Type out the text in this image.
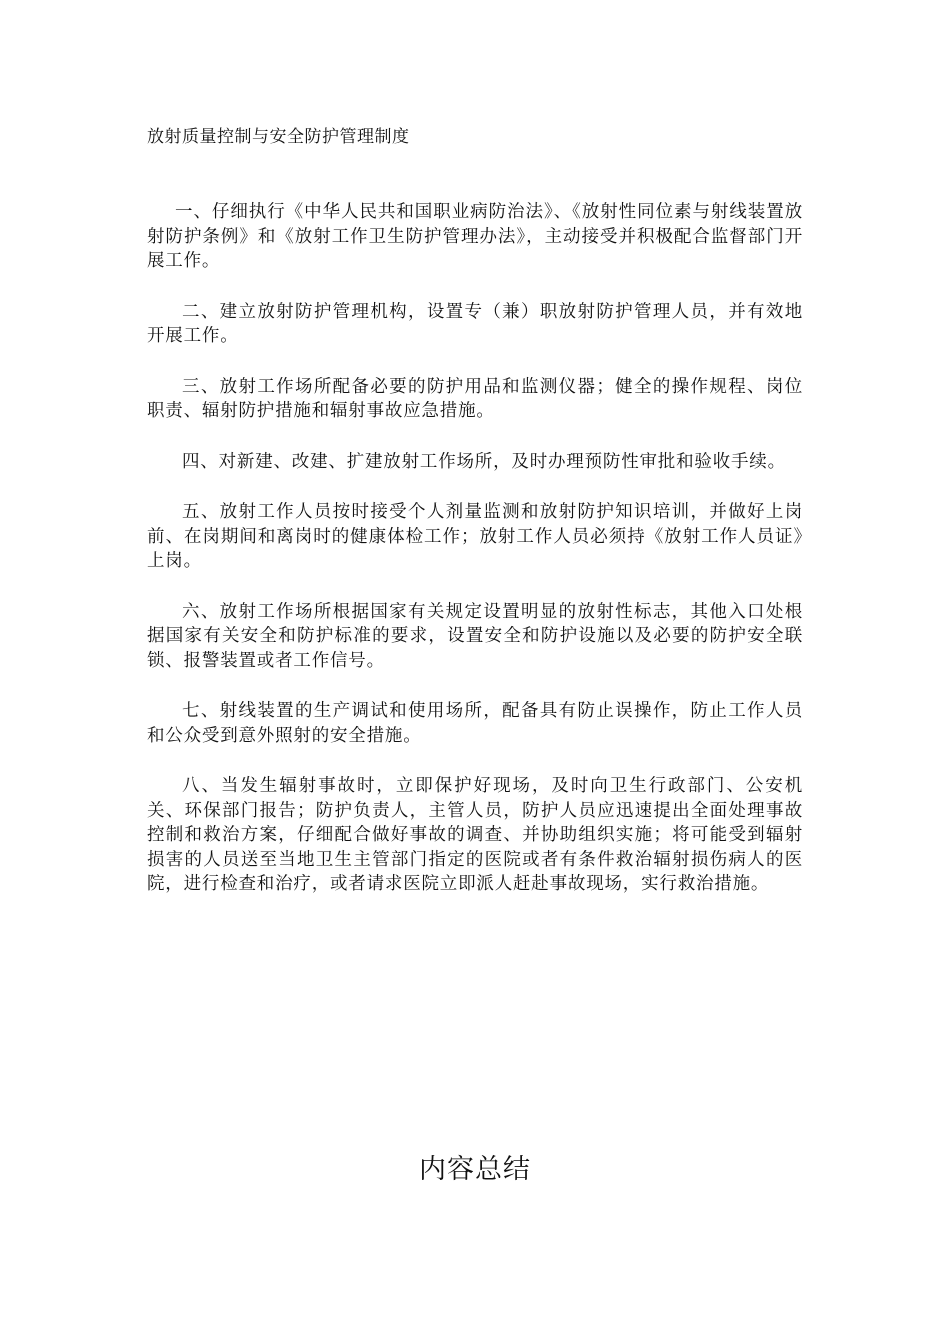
放射质量控制与安全防护管理制度

一、仔细执行《中华人民共和国职业病防治法》、《放射性同位素与射线装置放射防护条例》和《放射工作卫生防护管理办法》，主动接受并积极配合监督部门开展工作。

二、建立放射防护管理机构，设置专（兼）职放射防护管理人员，并有效地开展工作。

三、放射工作场所配备必要的防护用品和监测仪器；健全的操作规程、岗位职责、辐射防护措施和辐射事故应急措施。

四、对新建、改建、扩建放射工作场所，及时办理预防性审批和验收手续。

五、放射工作人员按时接受个人剂量监测和放射防护知识培训，并做好上岗前、在岗期间和离岗时的健康体检工作；放射工作人员必须持《放射工作人员证》上岗。

六、放射工作场所根据国家有关规定设置明显的放射性标志，其他入口处根据国家有关安全和防护标准的要求，设置安全和防护设施以及必要的防护安全联锁、报警装置或者工作信号。

七、射线装置的生产调试和使用场所，配备具有防止误操作，防止工作人员和公众受到意外照射的安全措施。

八、当发生辐射事故时，立即保护好现场，及时向卫生行政部门、公安机关、环保部门报告；防护负责人，主管人员，防护人员应迅速提出全面处理事故控制和救治方案，仔细配合做好事故的调查、并协助组织实施；将可能受到辐射损害的人员送至当地卫生主管部门指定的医院或者有条件救治辐射损伤病人的医院，进行检查和治疗，或者请求医院立即派人赶赴事故现场，实行救治措施。

内容总结
